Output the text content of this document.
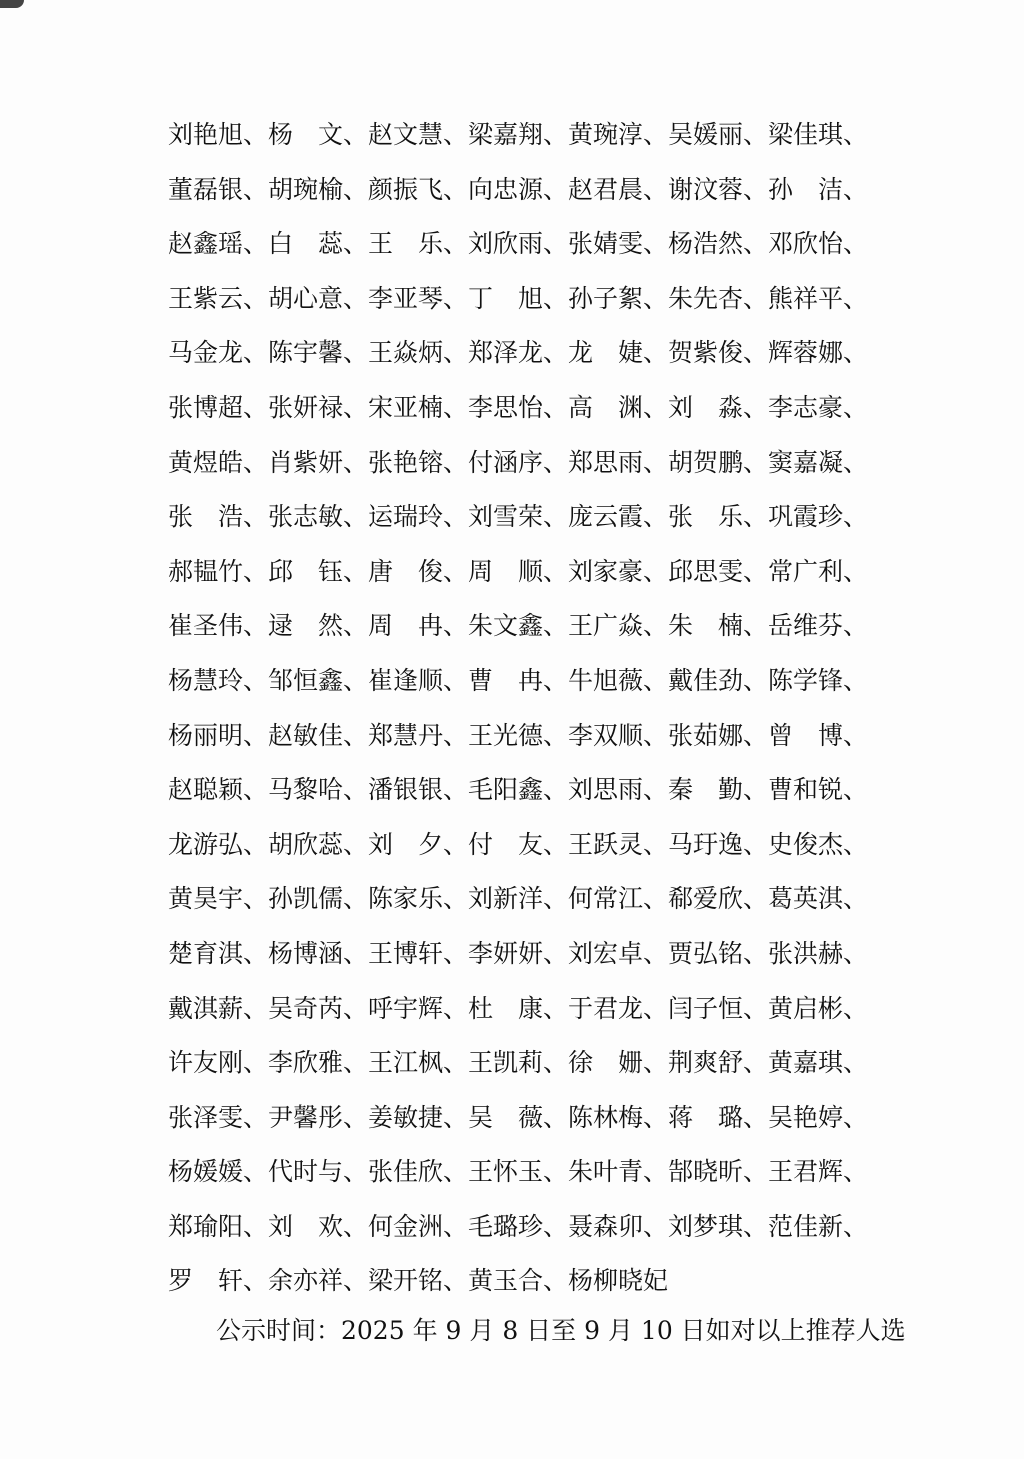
刘艳旭、杨　文、赵文慧、梁嘉翔、黄琬淳、吴媛丽、梁佳琪、
董磊银、胡琬榆、颜振飞、向忠源、赵君晨、谢汶蓉、孙　洁、
赵鑫瑶、白　蕊、王　乐、刘欣雨、张婧雯、杨浩然、邓欣怡、
王紫云、胡心意、李亚琴、丁　旭、孙子絮、朱先杏、熊祥平、
马金龙、陈宇馨、王焱炳、郑泽龙、龙　婕、贺紫俊、辉蓉娜、
张博超、张妍禄、宋亚楠、李思怡、高　渊、刘　淼、李志豪、
黄煜皓、肖紫妍、张艳镕、付涵序、郑思雨、胡贺鹏、窦嘉凝、
张　浩、张志敏、运瑞玲、刘雪荣、庞云霞、张　乐、巩霞珍、
郝韫竹、邱　钰、唐　俊、周　顺、刘家豪、邱思雯、常广利、
崔圣伟、逯　然、周　冉、朱文鑫、王广焱、朱　楠、岳维芬、
杨慧玲、邹恒鑫、崔逢顺、曹　冉、牛旭薇、戴佳劲、陈学锋、
杨丽明、赵敏佳、郑慧丹、王光德、李双顺、张茹娜、曾　博、
赵聪颖、马黎哈、潘银银、毛阳鑫、刘思雨、秦　勤、曹和锐、
龙游弘、胡欣蕊、刘　夕、付　友、王跃灵、马玗逸、史俊杰、
黄昊宇、孙凯儒、陈家乐、刘新洋、何常江、郗爱欣、葛英淇、
楚育淇、杨博涵、王博轩、李妍妍、刘宏卓、贾弘铭、张洪赫、
戴淇薪、吴奇芮、呼宇辉、杜　康、于君龙、闫子恒、黄启彬、
许友刚、李欣雅、王江枫、王凯莉、徐　姗、荆爽舒、黄嘉琪、
张泽雯、尹馨彤、姜敏捷、吴　薇、陈林梅、蒋　璐、吴艳婷、
杨媛媛、代时与、张佳欣、王怀玉、朱叶青、郜晓昕、王君辉、
郑瑜阳、刘　欢、何金洲、毛璐珍、聂森卯、刘梦琪、范佳新、
罗　轩、余亦祥、梁开铭、黄玉合、杨柳晓妃
公示时间：2025 年 9 月 8 日至 9 月 10 日如对以上推荐人选
